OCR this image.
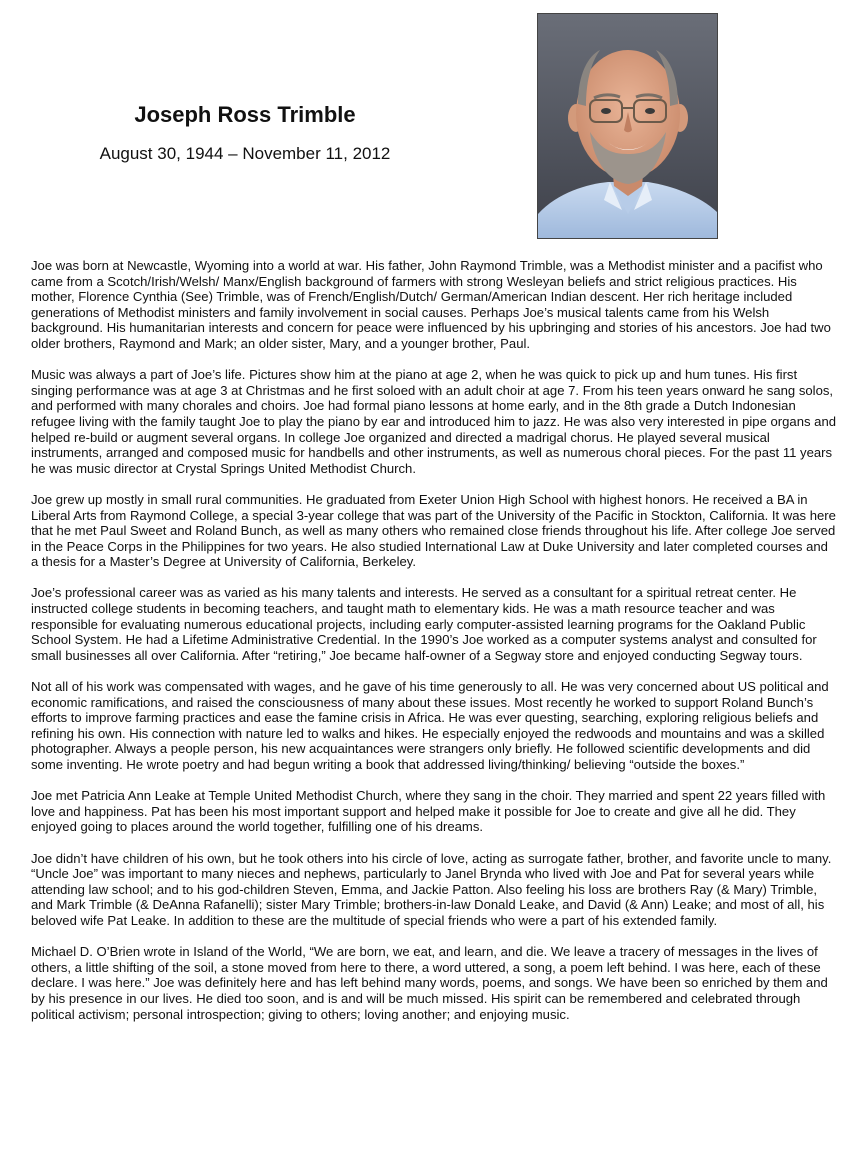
Joseph Ross Trimble
August 30, 1944 – November 11, 2012

Joe was born at Newcastle, Wyoming into a world at war. His father, John Raymond Trimble, was a Methodist minister and a pacifist who came from a Scotch/Irish/Welsh/ Manx/English background of farmers with strong Wesleyan beliefs and strict religious practices. His mother, Florence Cynthia (See) Trimble, was of French/English/Dutch/ German/American Indian descent. Her rich heritage included generations of Methodist ministers and family involvement in social causes. Perhaps Joe’s musical talents came from his Welsh background. His humanitarian interests and concern for peace were influenced by his upbringing and stories of his ancestors. Joe had two older brothers, Raymond and Mark; an older sister, Mary, and a younger brother, Paul.

Music was always a part of Joe’s life. Pictures show him at the piano at age 2, when he was quick to pick up and hum tunes. His first singing performance was at age 3 at Christmas and he first soloed with an adult choir at age 7. From his teen years onward he sang solos, and performed with many chorales and choirs. Joe had formal piano lessons at home early, and in the 8th grade a Dutch Indonesian refugee living with the family taught Joe to play the piano by ear and introduced him to jazz. He was also very interested in pipe organs and helped re-build or augment several organs. In college Joe organized and directed a madrigal chorus. He played several musical instruments, arranged and composed music for handbells and other instruments, as well as numerous choral pieces. For the past 11 years he was music director at Crystal Springs United Methodist Church.

Joe grew up mostly in small rural communities. He graduated from Exeter Union High School with highest honors. He received a BA in Liberal Arts from Raymond College, a special 3-year college that was part of the University of the Pacific in Stockton, California. It was here that he met Paul Sweet and Roland Bunch, as well as many others who remained close friends throughout his life. After college Joe served in the Peace Corps in the Philippines for two years. He also studied International Law at Duke University and later completed courses and a thesis for a Master’s Degree at University of California, Berkeley.

Joe’s professional career was as varied as his many talents and interests. He served as a consultant for a spiritual retreat center. He instructed college students in becoming teachers, and taught math to elementary kids. He was a math resource teacher and was responsible for evaluating numerous educational projects, including early computer-assisted learning programs for the Oakland Public School System. He had a Lifetime Administrative Credential. In the 1990’s Joe worked as a computer systems analyst and consulted for small businesses all over California. After “retiring,” Joe became half-owner of a Segway store and enjoyed conducting Segway tours.

Not all of his work was compensated with wages, and he gave of his time generously to all. He was very concerned about US political and economic ramifications, and raised the consciousness of many about these issues. Most recently he worked to support Roland Bunch’s efforts to improve farming practices and ease the famine crisis in Africa. He was ever questing, searching, exploring religious beliefs and refining his own. His connection with nature led to walks and hikes. He especially enjoyed the redwoods and mountains and was a skilled photographer. Always a people person, his new acquaintances were strangers only briefly. He followed scientific developments and did some inventing. He wrote poetry and had begun writing a book that addressed living/thinking/ believing “outside the boxes.”

Joe met Patricia Ann Leake at Temple United Methodist Church, where they sang in the choir. They married and spent 22 years filled with love and happiness. Pat has been his most important support and helped make it possible for Joe to create and give all he did. They enjoyed going to places around the world together, fulfilling one of his dreams.

Joe didn’t have children of his own, but he took others into his circle of love, acting as surrogate father, brother, and favorite uncle to many. “Uncle Joe” was important to many nieces and nephews, particularly to Janel Brynda who lived with Joe and Pat for several years while attending law school; and to his god-children Steven, Emma, and Jackie Patton. Also feeling his loss are brothers Ray (& Mary) Trimble, and Mark Trimble (& DeAnna Rafanelli); sister Mary Trimble; brothers-in-law Donald Leake, and David (& Ann) Leake; and most of all, his beloved wife Pat Leake. In addition to these are the multitude of special friends who were a part of his extended family.

Michael D. O’Brien wrote in Island of the World, “We are born, we eat, and learn, and die. We leave a tracery of messages in the lives of others, a little shifting of the soil, a stone moved from here to there, a word uttered, a song, a poem left behind. I was here, each of these declare. I was here.” Joe was definitely here and has left behind many words, poems, and songs. We have been so enriched by them and by his presence in our lives. He died too soon, and is and will be much missed. His spirit can be remembered and celebrated through political activism; personal introspection; giving to others; loving another; and enjoying music.
